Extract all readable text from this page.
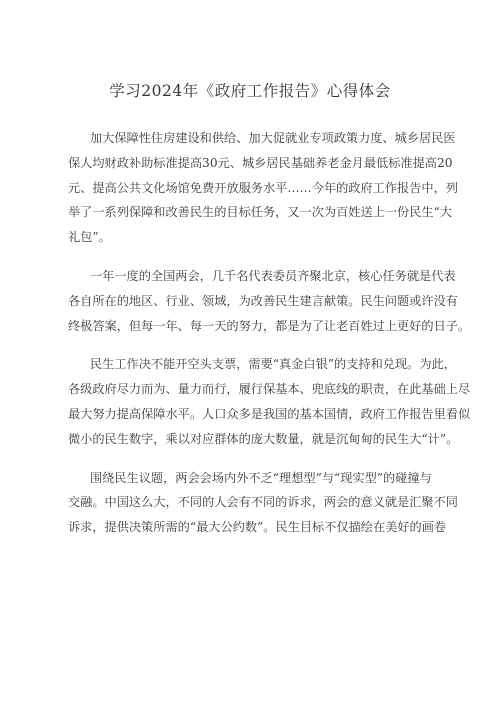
学习2024年《政府工作报告》心得体会
加大保障性住房建设和供给、加大促就业专项政策力度、城乡居民医
保人均财政补助标准提高30元、城乡居民基础养老金月最低标准提高20
元、提高公共文化场馆免费开放服务水平……今年的政府工作报告中，列
举了一系列保障和改善民生的目标任务，又一次为百姓送上一份民生“大
礼包”。
一年一度的全国两会，几千名代表委员齐聚北京，核心任务就是代表
各自所在的地区、行业、领域，为改善民生建言献策。民生问题或许没有
终极答案，但每一年、每一天的努力，都是为了让老百姓过上更好的日子。
民生工作决不能开空头支票，需要“真金白银”的支持和兑现。为此，
各级政府尽力而为、量力而行，履行保基本、兜底线的职责，在此基础上尽
最大努力提高保障水平。人口众多是我国的基本国情，政府工作报告里看似
微小的民生数字，乘以对应群体的庞大数量，就是沉甸甸的民生大“计”。
围绕民生议题，两会会场内外不乏“理想型”与“现实型”的碰撞与
交融。中国这么大，不同的人会有不同的诉求，两会的意义就是汇聚不同
诉求，提供决策所需的“最大公约数”。民生目标不仅描绘在美好的画卷
